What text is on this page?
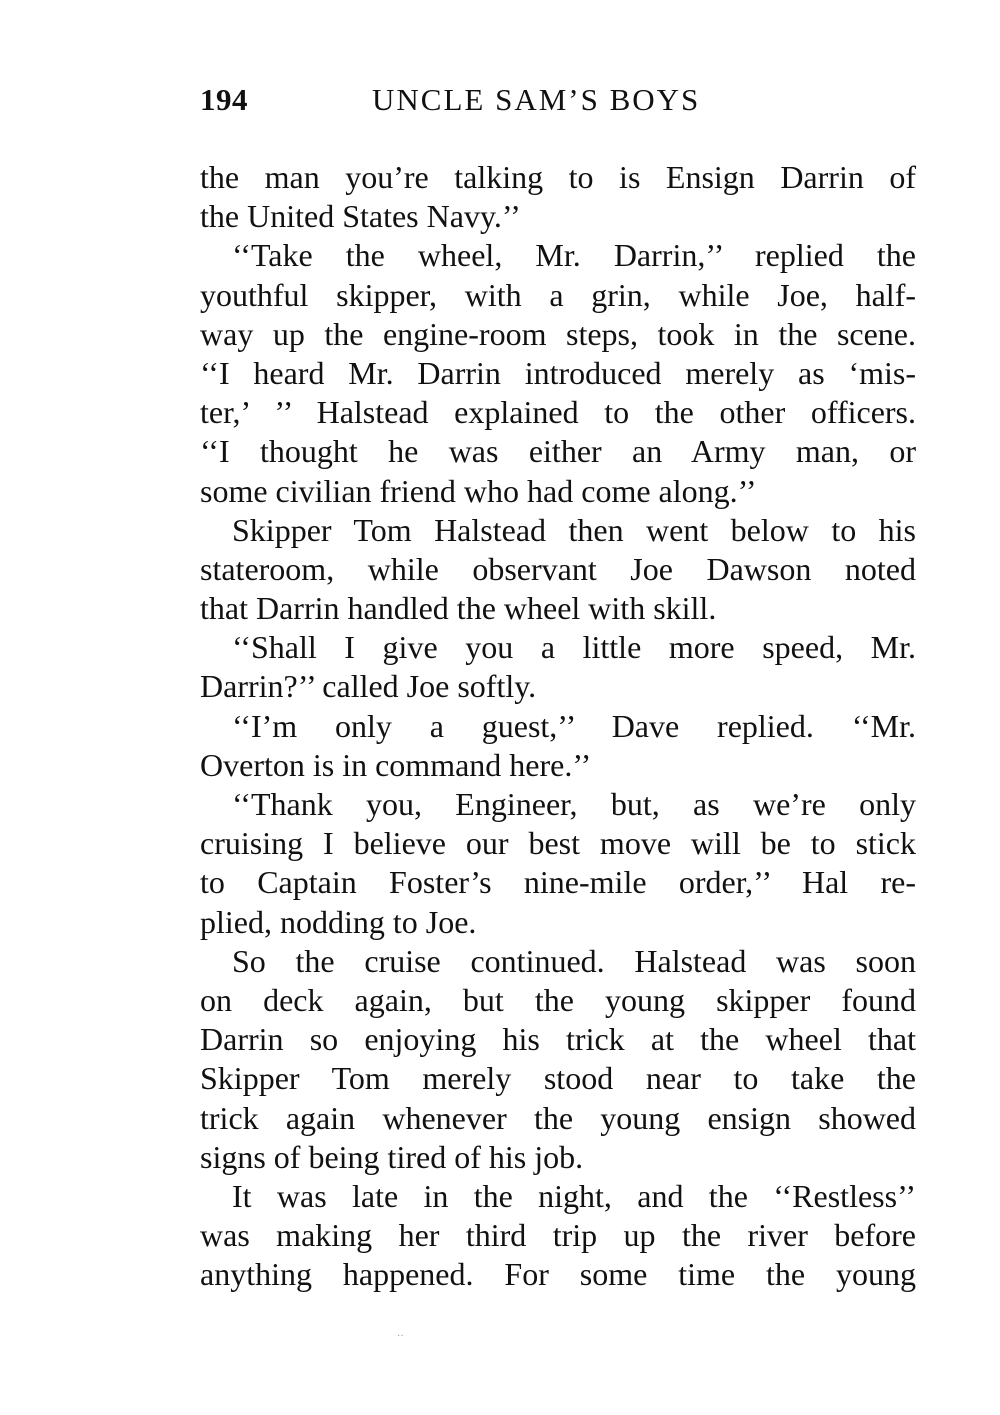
194	UNCLE SAM’S BOYS
the man you’re talking to is Ensign Darrin of
the United States Navy.’’
‘‘Take the wheel, Mr. Darrin,’’ replied the
youthful skipper, with a grin, while Joe, half-
way up the engine-room steps, took in the scene.
‘‘I heard Mr. Darrin introduced merely as ‘mis-
ter,’ ’’ Halstead explained to the other officers.
‘‘I thought he was either an Army man, or
some civilian friend who had come along.’’
Skipper Tom Halstead then went below to his
stateroom, while observant Joe Dawson noted
that Darrin handled the wheel with skill.
‘‘Shall I give you a little more speed, Mr.
Darrin?’’ called Joe softly.
‘‘I’m only a guest,’’ Dave replied. ‘‘Mr.
Overton is in command here.’’
‘‘Thank you, Engineer, but, as we’re only
cruising I believe our best move will be to stick
to Captain Foster’s nine-mile order,’’ Hal re-
plied, nodding to Joe.
So the cruise continued. Halstead was soon
on deck again, but the young skipper found
Darrin so enjoying his trick at the wheel that
Skipper Tom merely stood near to take the
trick again whenever the young ensign showed
signs of being tired of his job.
It was late in the night, and the ‘‘Restless’’
was making her third trip up the river before
anything happened. For some time the young
··
